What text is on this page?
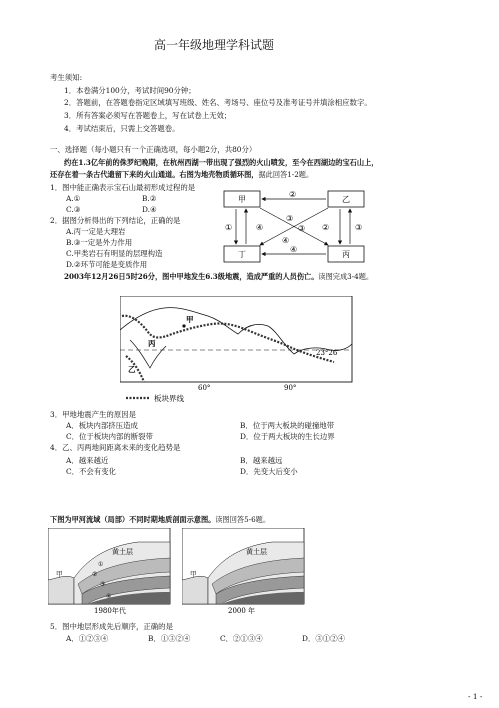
高一年级地理学科试题
考生须知:
1．本卷满分100分，考试时间90分钟；
2．答题前，在答题卷指定区域填写班级、姓名、考场号、座位号及准考证号并填涂相应数字。
3．所有答案必须写在答题卷上，写在试卷上无效；
4．考试结束后，只需上交答题卷。
一、选择题（每小题只有一个正确选项，每小题2分，共80分）
约在1.3亿年前的侏罗纪晚期，在杭州西湖一带出现了强烈的火山喷发，至今在西湖边的宝石山上，
还存在着一条古代遗留下来的火山通道。右图为地壳物质循环图，据此回答1-2题。
1．图中能正确表示宝石山最初形成过程的是
A.①	B.②
C.③	D.④
2．据图分析得出的下列结论，正确的是
A.丙一定是大理岩
B.③一定是外力作用
C.甲类岩石有明显的层理构造
D.②环节可能是变质作用
甲	乙
丁	丙
②
③
③
④
④
①
④
②	③
2003年12月26日5时26分，图中甲地发生6.3级地震，造成严重的人员伤亡。读图完成3-4题。
甲
丙
乙
23°26′
60°	90°
板块界线
3．甲地地震产生的原因是
A．板块内部挤压造成	B．位于两大板块的碰撞地带
C．位于板块内部的断裂带	D．位于两大板块的生长边界
4．乙、丙两地间距离未来的变化趋势是
A．越来越近	B．越来越远
C．不会有变化	D．先变大后变小
下图为甲河流域（局部）不同时期地质剖面示意图。读图回答5-6题。
黄土层
甲
①
②
③
④
1980年代
黄土层
甲
2000 年
5．图中地层形成先后顺序，正确的是
A．①②③④	B．①③②④	C．②①③④	D．③①②④
- 1 -
